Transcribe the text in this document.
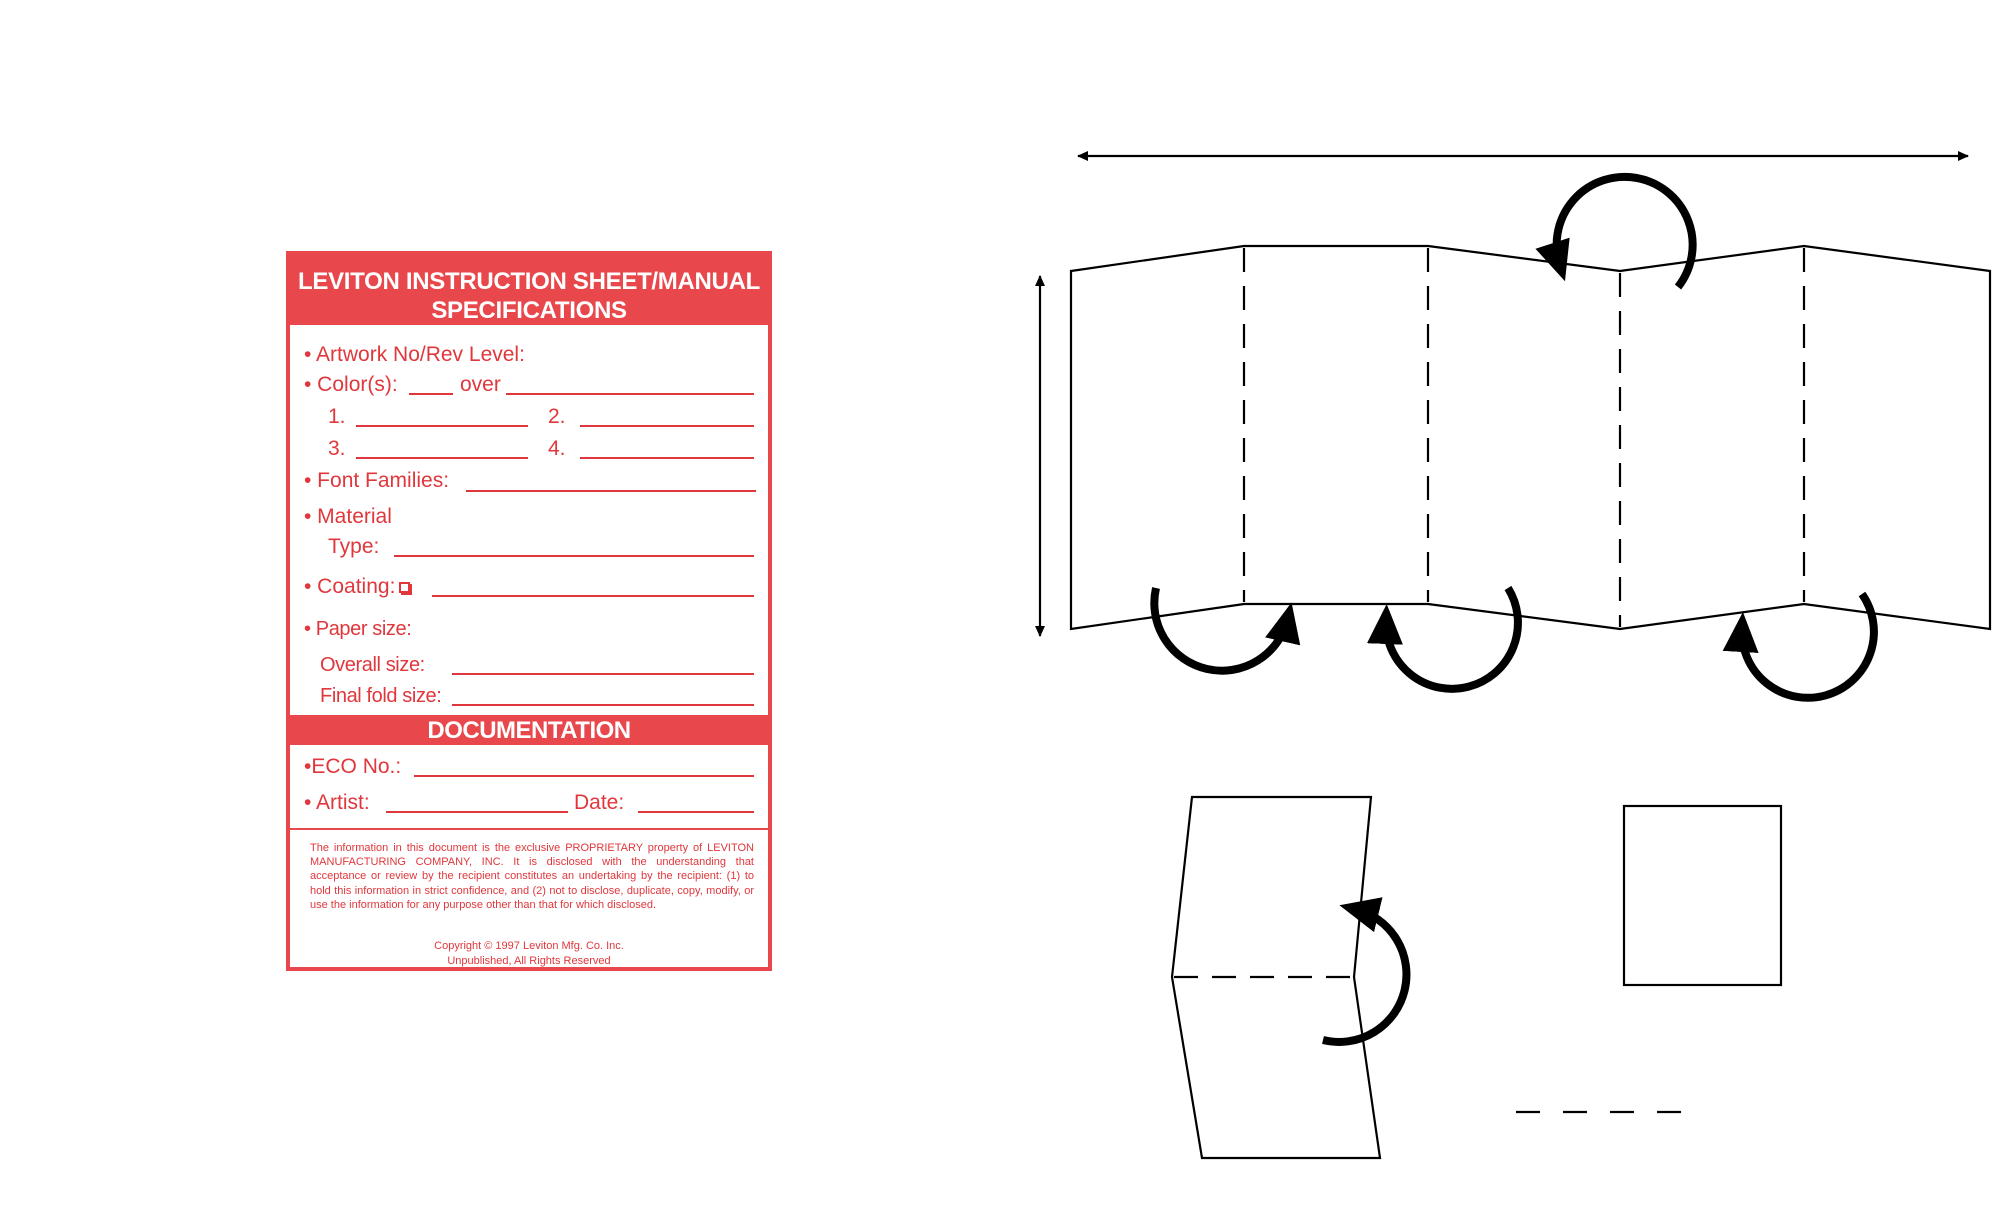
LEVITON INSTRUCTION SHEET/MANUAL
SPECIFICATIONS
• Artwork No/Rev Level:
• Color(s):	over
1.	2.
3.	4.
• Font Families:
• Material
Type:
• Coating:
• Paper size:
Overall size:
Final fold size:
DOCUMENTATION
•ECO No.:
• Artist:	Date:
The information in this document is the exclusive PROPRIETARY property of LEVITON MANUFACTURING COMPANY, INC. It is disclosed with the understanding that acceptance or review by the recipient constitutes an undertaking by the recipient: (1) to hold this information in strict confidence, and (2) not to disclose, duplicate, copy, modify, or use the information for any purpose other than that for which disclosed.
Copyright © 1997 Leviton Mfg. Co. Inc.
Unpublished, All Rights Reserved
